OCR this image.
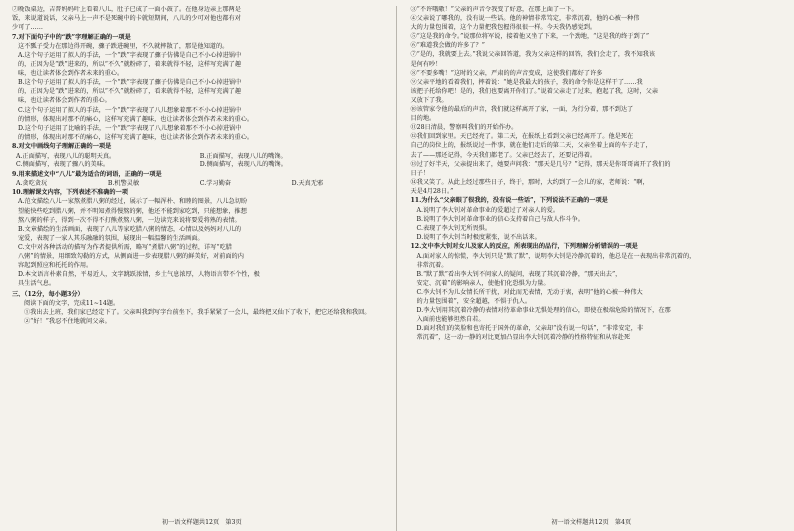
⑦晚饭桌边，吉普妈妈叶上看着八儿，肚子已成了一面小鼓了。在他身边亲上那两是

饭，来说道说话，父亲马上一声不是死碗中的卡就短期间，八儿的少可对他也都有对

少可了……

7.对下面句子中的“跌”字理解正确的一项是

这不瓢子受力在那边得开碗，骤子跌进碗里，不久就摔散了，那是他知道的。

A.这个句子运用了拟人的手法，一个“跌”字表现了骤子仿佛是自己不小心掉进锅中

的，正因为是“跌”进来的，所以“不久”就粉碎了，着来就得不轻，这样写充满了趣

味，也让读者体会到作者未来的重心。

B.这个句子运用了拟人的手法，一个“跌”字表现了骤子仿佛是自己不小心掉进锅中

的，正因为是“跌”进来的，所以“不久”就粉碎了，看来就得不轻，这样写充满了趣

味，也让读者体会到作者的重心。

C.这个句子运用了拟人的手法，一个“跌”字表现了八儿想象着那不不小心掉进锅中

的情形，体现出对那不的痛心，这样写充满了趣味，也让读者体会到作者未来的重心。

D.这个句子运用了比喻的手法，一个“跌”字表现了八儿想象着那不不小心掉进锅中

的情形，体现出对那不的痛心，这样写充满了趣味，也让读者体会到作者未来的重心。

8.对文中画线句子理解正确的一项是

A.正面描写，表现八儿的聪明天真。	B.正面描写，表现八儿的嘴馋。
C.侧面描写，表现了骤八的美味。	D.侧面描写，表现八儿的嘴馋。

9.用来描述文中“八儿”最为适合的词语，正确的一项是

A.贪吃贪玩	B.机警灵敏	C.学习勤奋	D.天真无邪

10.理解课文内容，下列表述不准确的一项

A.范文描绘八儿一家熬煮腊八粥的经过，展示了一幅浑朴、和睦的图景，八儿急切盼

望能快些吃到腊八粥，并不明知煮得慢熬的粥，他还不能到家吃到，只能想象，推想

熬八粥的样子，得到一次不得不打熊煮熬八粥，一边读完来说将要爱将熟的表情。

B.文章描绘的生活画面，表现了八儿等家吃腊八粥的情态，心情以及妈妈对八儿的

宠爱，表现了一家人其乐融融的氛围，展现出一幅温馨的生活画面。

C.文中对各种活动的描写为作者提供所需，略写“煮腊八粥”的过程，详写“吃腊

八粥”的情景，用细致勾勒的方式，从侧面进一步表现腊八粥的鲜美好，对前面的内

容起到照应和托托的作用。

D.本文语言朴素自然，平易近人，文字跳跃浓情，乡土气息浓厚，人物语言带不个性，极

具生活气息。

三、（12分，每小题3分）

阅读下面的文字，完成11~14题。

①我出去上班，我们家已经定下了。父亲叫我到写字台前坐下，我手紧紧了一会儿，最终把又仙下了收下，把它还给我和我回。

②“好！”我忍不住地就问父亲。

初一语文样题共12页　第3页

③“不许哦嗷！”父亲的声音令我变了好意，在那上面了一下。

④父亲说了哪我的，没有说一些话。他的神情非常笃定，非常沉着，他的心被一种伟

大的力量包围着，这个力量把我包握得很很一样。今天我仍感觉到。

⑤“这是我的命令。”说那位将军说，接着他又坐了下来，一个劲地，“这是我的终于到了”

⑥“难道我会做的许多了？”

⑦“是的，我就要上去。”我说父亲回答道，我为父亲这样的回答，我们会走了，我不知我该

是何有吵！

⑧“不要多嘴！”这时的父亲，严肃的的声音变成，这使我们都好了许多

⑨父亲平地的看着我们，摔着说：“她是我最大的孩子，我的命令你是这样干了……我

该把子托给你吧！是的，我们也要离开你们了。”说着父亲走了过来，抱起了我，这时，父亲

又放下了我。

⑩该管家令他的最后的声音，我们就这样离开了家，一面，为行分着，那不到达了

目的地。

⑪28日清晨，警察叫我们的开始作办。

⑫我们回到家里。天已经亮了。第二天，在报纸上看到父亲已经离开了。他是死在

自己的岗位上的，报纸说过一件事，就在他们走后的第二天，父亲坐着上面的车子走了，

去了——那还记得，今天我们都老了。父亲已经去了，还要记得着。

⑬过了好半天，父亲提出来了，她要声问我：“那天是几号？”记得，那天是你哥哥离开了我们的

日子！

⑭我又笑了。从此上经过那些日子，终于，那时，大约到了一会儿的家，老师说：“啊，

天是4月28日。”

11.为什么“父亲眼了很我的，没有说一些话”，下列说法不正确的一项是

A.说明了李大钊对革命事业的爱超过了对亲人的爱。

B.说明了李大钊对革命事业的信心支持着自己与敌人作斗争。

C.表现了李大钊无所畏惧。

D.说明了李大钊当时极度紧张，说不出话来。

12.文中李大钊对女儿及家人的反应，所表现出的品行，下列理解分析错误的一项是

A.面对家人的惊慌，李大钊只是“默了默”，说明李大钊是冷静沉着的，他总是在一表现出非常沉着的，

非常沉着。

B.“默了默”看出李大钊不问家人的疑问，表现了其沉着冷静，“那天出去”，

安定、沉着”的影响亲人，使他们化恐惧为力量。

C.李大钊不为儿女情长所干扰，对此而无表情，无动于衷，表明“他的心被一种伟大

的力量包围着”，安全超越，不惧于仇人。

D.李大钊用其沉着冷静的表情对待革命事业无惧处理的信心，即使在极端危险的情况下，在那

入面前也能够坦然自若。

D.面对我们的笑脸和也寄托于国外的革命，父亲却“没有说一句话”，“非常安定，非

常沉着”，这一动一静的对比更加凸显出李大钊沉着冷静的性格特征和从容赴死

初一语文样题共12页　第4页
